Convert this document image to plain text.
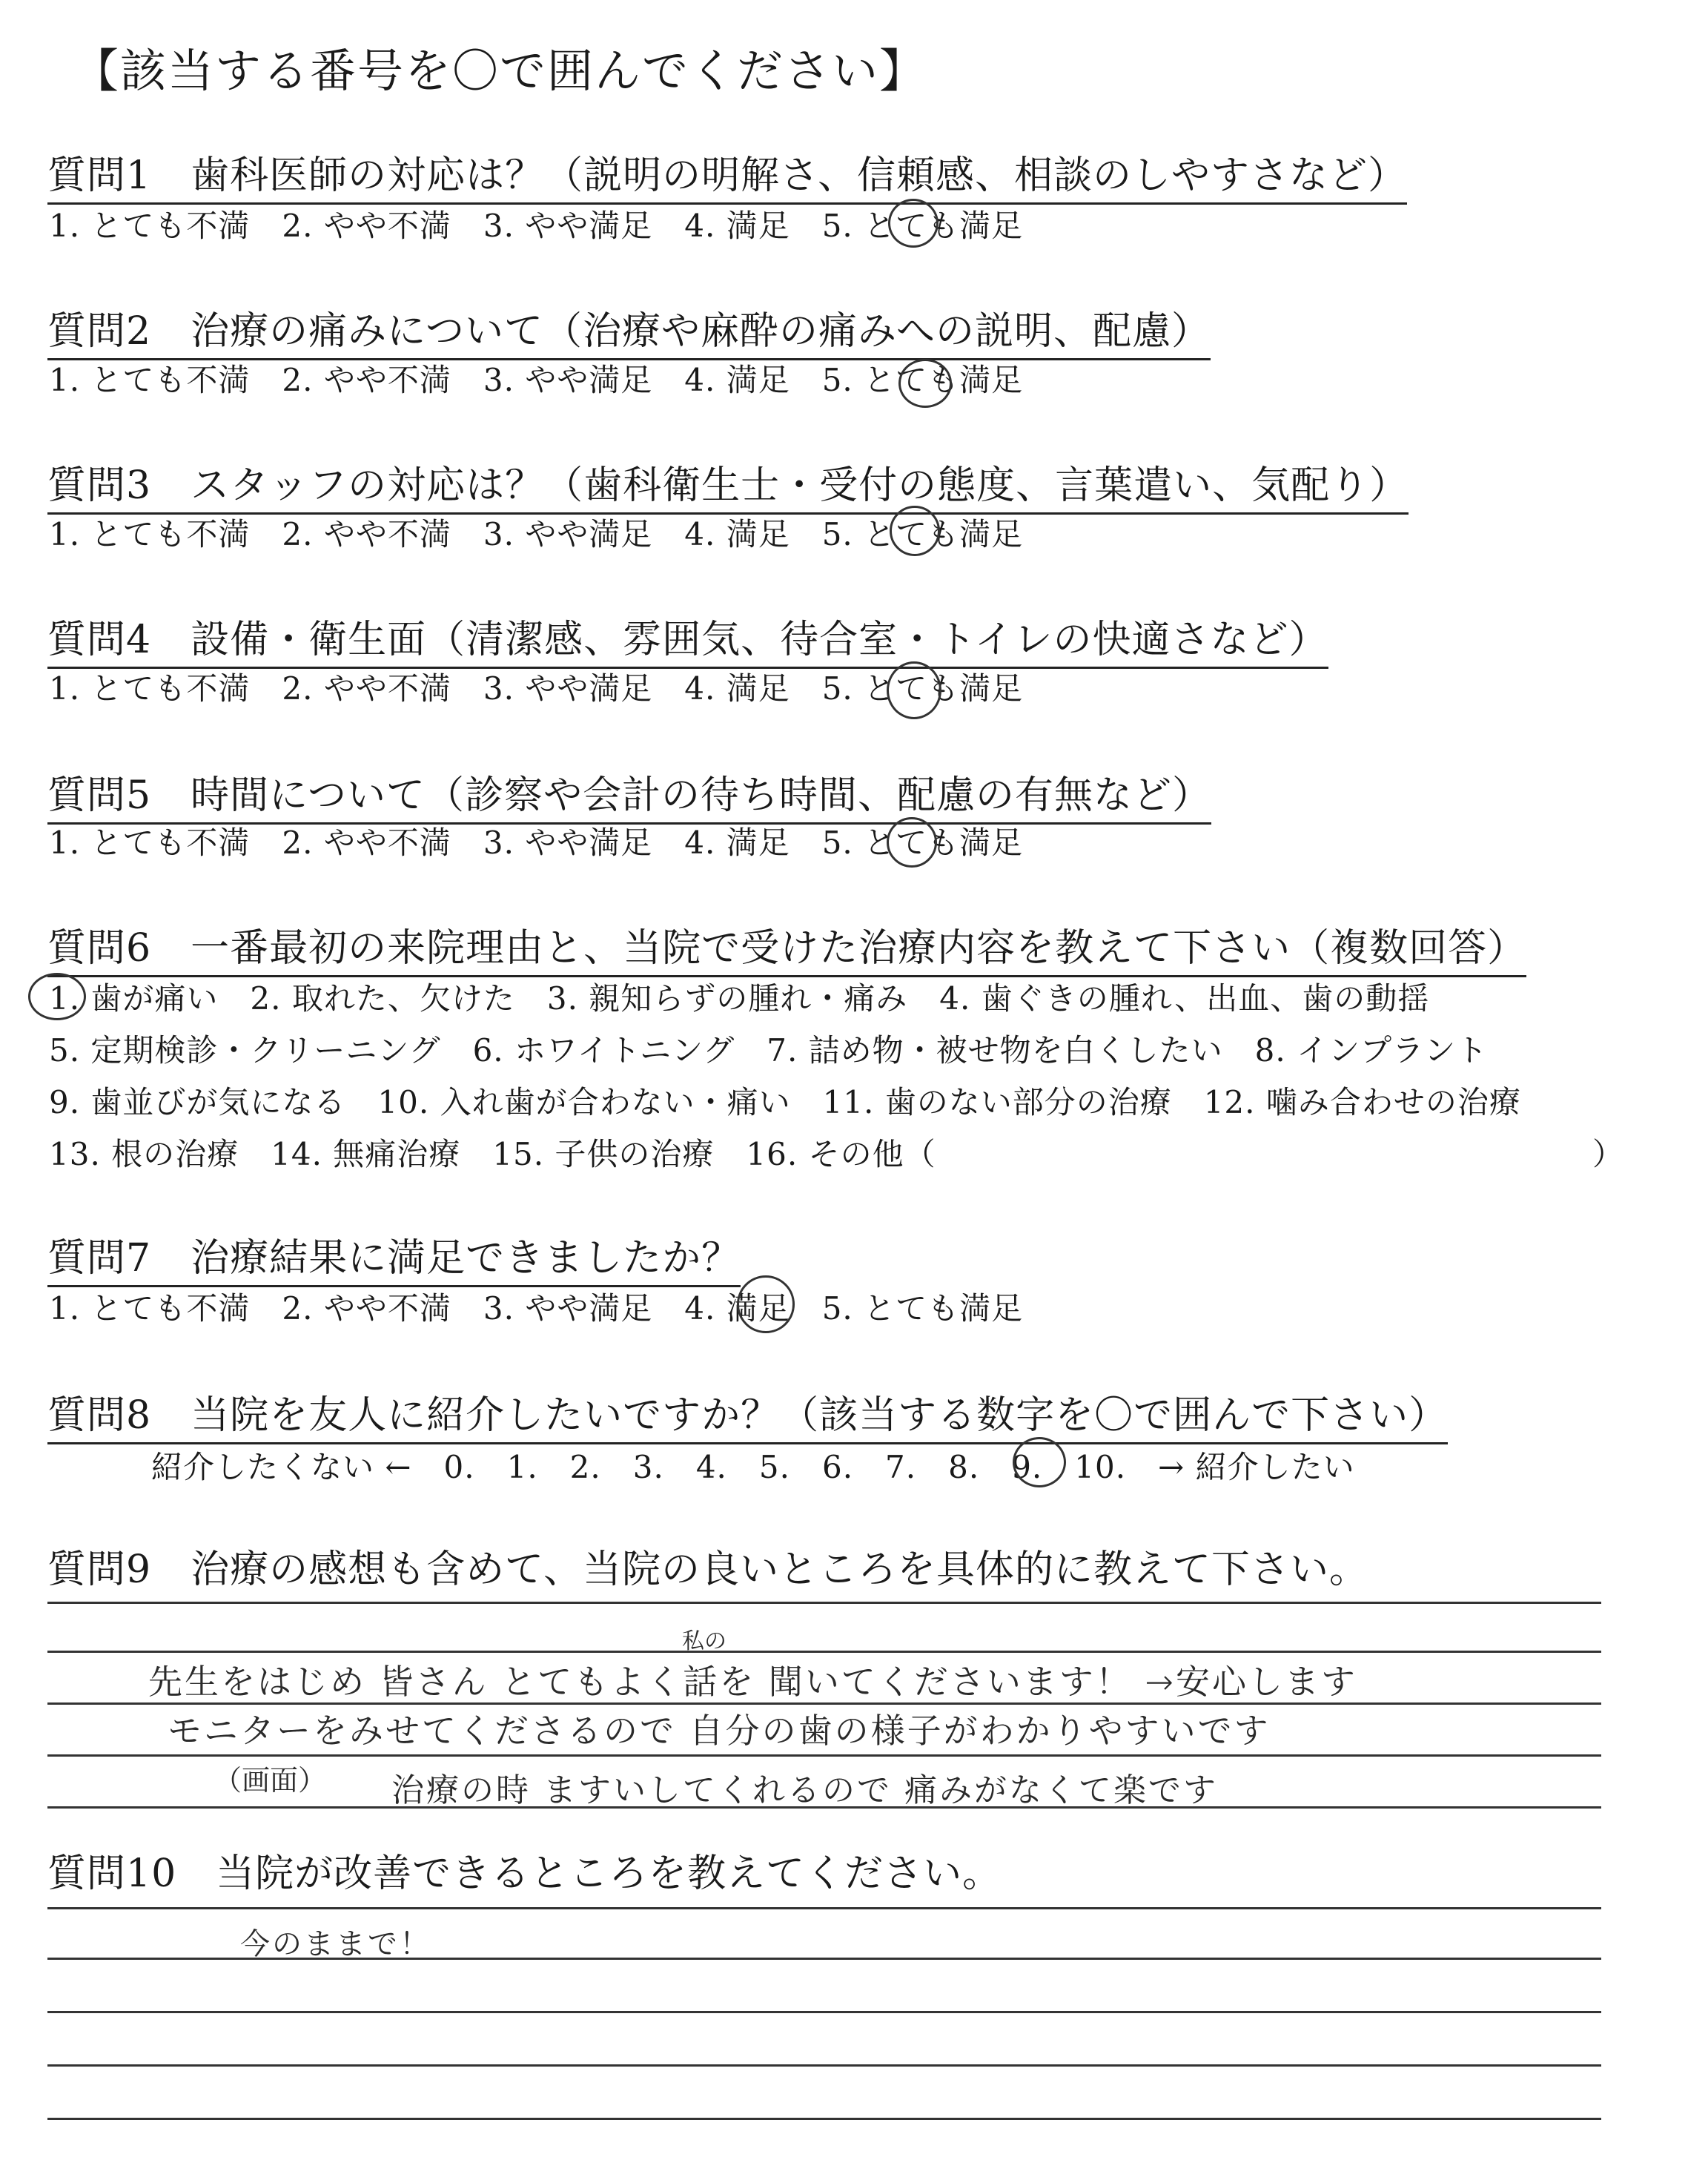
【該当する番号を〇で囲んでください】
質問1　歯科医師の対応は？（説明の明解さ、信頼感、相談のしやすさなど）
1. とても不満　2. やや不満　3. やや満足　4. 満足　5. とても満足
質問2　治療の痛みについて（治療や麻酔の痛みへの説明、配慮）
1. とても不満　2. やや不満　3. やや満足　4. 満足　5. とても満足
質問3　スタッフの対応は？（歯科衛生士・受付の態度、言葉遣い、気配り）
1. とても不満　2. やや不満　3. やや満足　4. 満足　5. とても満足
質問4　設備・衛生面（清潔感、雰囲気、待合室・トイレの快適さなど）
1. とても不満　2. やや不満　3. やや満足　4. 満足　5. とても満足
質問5　時間について（診察や会計の待ち時間、配慮の有無など）
1. とても不満　2. やや不満　3. やや満足　4. 満足　5. とても満足
質問6　一番最初の来院理由と、当院で受けた治療内容を教えて下さい（複数回答）
1. 歯が痛い　2. 取れた、欠けた　3. 親知らずの腫れ・痛み　4. 歯ぐきの腫れ、出血、歯の動揺
5. 定期検診・クリーニング　6. ホワイトニング　7. 詰め物・被せ物を白くしたい　8. インプラント
9. 歯並びが気になる　10. 入れ歯が合わない・痛い　11. 歯のない部分の治療　12. 噛み合わせの治療
13. 根の治療　14. 無痛治療　15. 子供の治療　16. その他（	）
質問7　治療結果に満足できましたか？
1. とても不満　2. やや不満　3. やや満足　4. 満足　5. とても満足
質問8　当院を友人に紹介したいですか？（該当する数字を〇で囲んで下さい）
紹介したくない ←　0.　1.　2.　3.　4.　5.　6.　7.　8.　9.　10.　→ 紹介したい
質問9　治療の感想も含めて、当院の良いところを具体的に教えて下さい。
先生をはじめ 皆さん とてもよく話を 聞いてくださいます！ →安心します
私の
モニターをみせてくださるので 自分の歯の様子がわかりやすいです
（画面） 治療の時 ますいしてくれるので 痛みがなくて楽です
質問10　当院が改善できるところを教えてください。
今のままで！
